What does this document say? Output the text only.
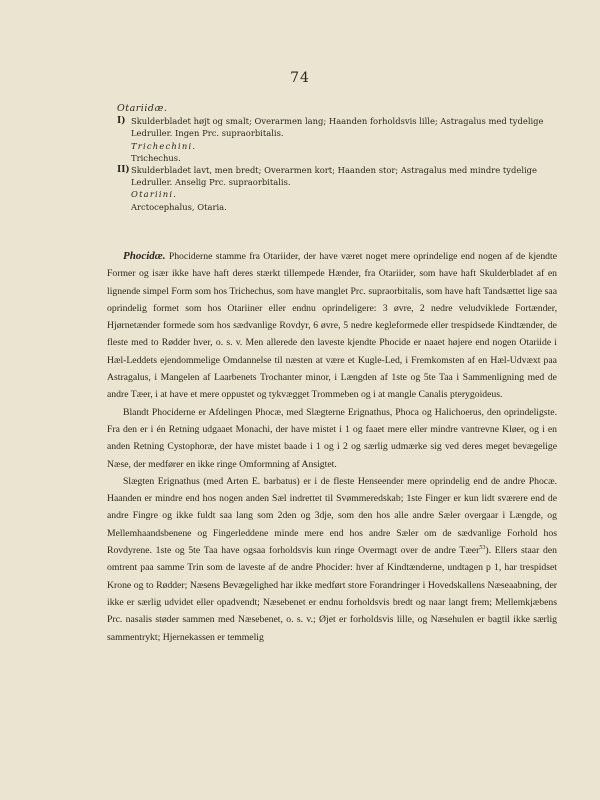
74
Otariidæ.
I) Skulderbladet højt og smalt; Overarmen lang; Haanden forholdsvis lille; Astragalus med tydelige Ledruller. Ingen Prc. supraorbitalis.
Trichechini.
Trichechus.
II) Skulderbladet lavt, men bredt; Overarmen kort; Haanden stor; Astragalus med mindre tydelige Ledruller. Anselig Prc. supraorbitalis.
Otariini.
Arctocephalus, Otaria.

Phocidæ. Phociderne stamme fra Otariider, der have været noget mere oprindelige end nogen af de kjendte Former og især ikke have haft deres stærkt tillempede Hænder, fra Otariider, som have haft Skulderbladet af en lignende simpel Form som hos Trichechus, som have manglet Prc. supraorbitalis, som have haft Tandsættet lige saa oprindelig formet som hos Otariiner eller endnu oprindeligere: 3 øvre, 2 nedre veludviklede Fortænder, Hjørnetænder formede som hos sædvanlige Rovdyr, 6 øvre, 5 nedre kegleformede eller trespidsede Kindtænder, de fleste med to Rødder hver, o. s. v. Men allerede den laveste kjendte Phocide er naaet højere end nogen Otariide i Hæl-Leddets ejendommelige Omdannelse til næsten at være et Kugle-Led, i Fremkomsten af en Hæl-Udvæxt paa Astragalus, i Mangelen af Laarbenets Trochanter minor, i Længden af 1ste og 5te Taa i Sammenligning med de andre Tæer, i at have et mere oppustet og tykvægget Trommeben og i at mangle Canalis pterygoideus.

Blandt Phociderne er Afdelingen Phocæ, med Slægterne Erignathus, Phoca og Halichoerus, den oprindeligste. Fra den er i én Retning udgaaet Monachi, der have mistet i 1 og faaet mere eller mindre vantrevne Kløer, og i en anden Retning Cystophoræ, der have mistet baade i 1 og i 2 og særlig udmærke sig ved deres meget bevægelige Næse, der medfører en ikke ringe Omformning af Ansigtet.

Slægten Erignathus (med Arten E. barbatus) er i de fleste Henseender mere oprindelig end de andre Phocæ. Haanden er mindre end hos nogen anden Sæl indrettet til Svømmeredskab; 1ste Finger er kun lidt sværere end de andre Fingre og ikke fuldt saa lang som 2den og 3dje, som den hos alle andre Sæler overgaar i Længde, og Mellemhaandsbenene og Fingerleddene minde mere end hos andre Sæler om de sædvanlige Forhold hos Rovdyrene. 1ste og 5te Taa have ogsaa forholdsvis kun ringe Overmagt over de andre Tæer$^{53}$). Ellers staar den omtrent paa samme Trin som de laveste af de andre Phocider: hver af Kindtænderne, undtagen p 1, har trespidset Krone og to Rødder; Næsens Bevægelighed har ikke medført store Forandringer i Hovedskallens Næseaabning, der ikke er særlig udvidet eller opadvendt; Næsebenet er endnu forholdsvis bredt og naar langt frem; Mellemkjæbens Prc. nasalis støder sammen med Næsebenet, o. s. v.; Øjet er forholdsvis lille, og Næsehulen er bagtil ikke særlig sammentrykt; Hjernekassen er temmelig
